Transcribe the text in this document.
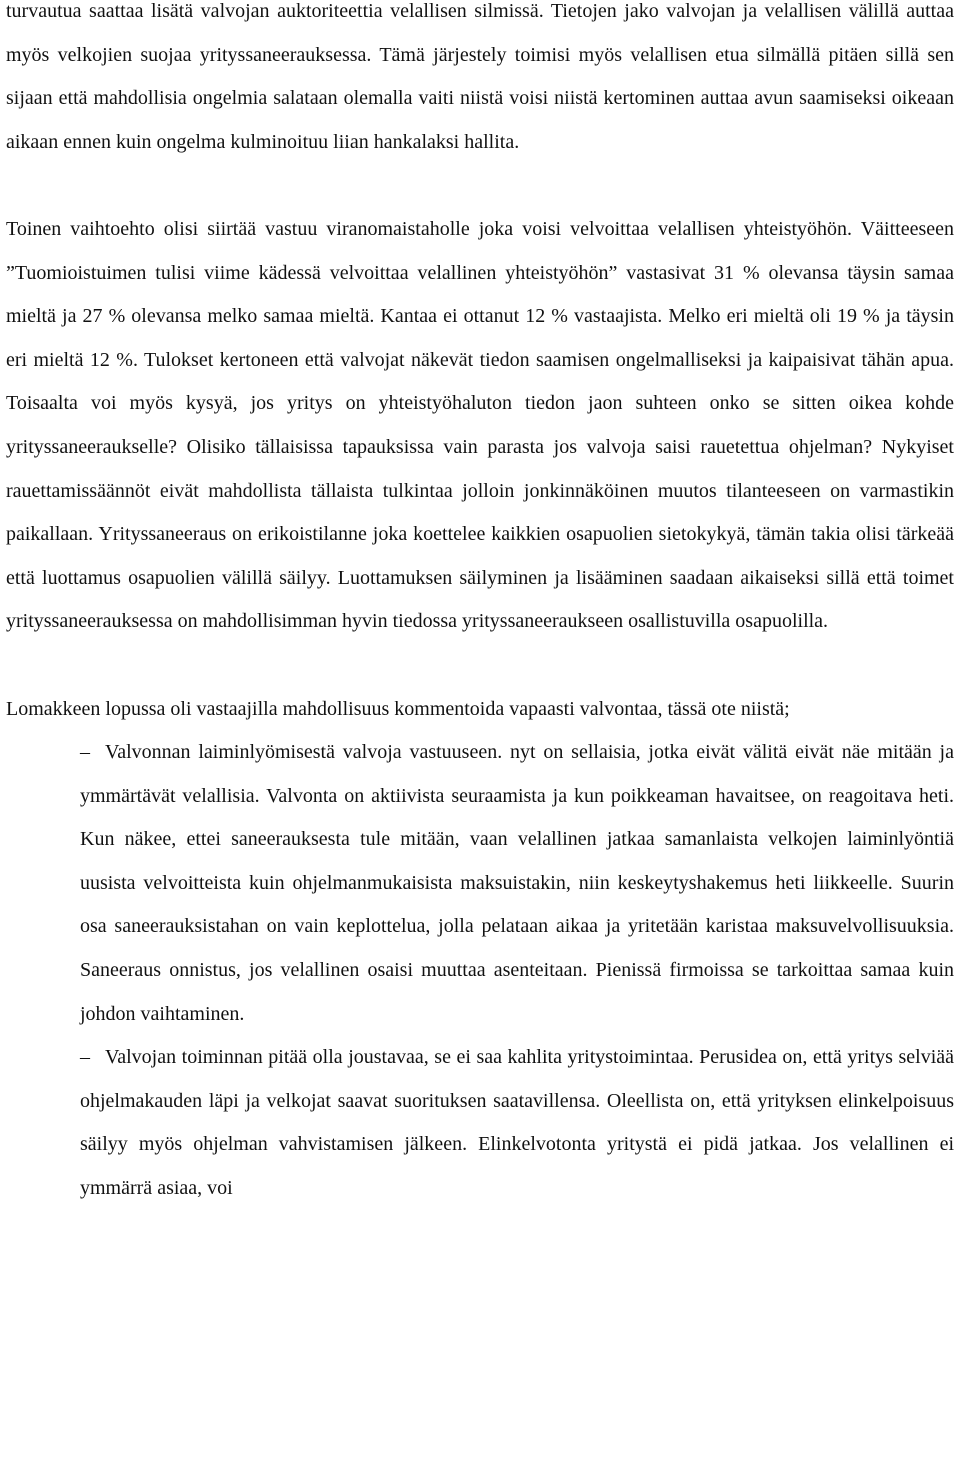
turvautua saattaa lisätä valvojan auktoriteettia velallisen silmissä. Tietojen jako valvojan ja velallisen välillä auttaa myös velkojien suojaa yrityssaneerauksessa. Tämä järjestely toimisi myös velallisen etua silmällä pitäen sillä sen sijaan että mahdollisia ongelmia salataan olemalla vaiti niistä voisi niistä kertominen auttaa avun saamiseksi oikeaan aikaan ennen kuin ongelma kulminoituu liian hankalaksi hallita.

Toinen vaihtoehto olisi siirtää vastuu viranomaistaholle joka voisi velvoittaa velallisen yhteistyöhön. Väitteeseen ”Tuomioistuimen tulisi viime kädessä velvoittaa velallinen yhteistyöhön” vastasivat 31 % olevansa täysin samaa mieltä ja 27 % olevansa melko samaa mieltä. Kantaa ei ottanut 12 % vastaajista. Melko eri mieltä oli 19 % ja täysin eri mieltä 12 %. Tulokset kertoneen että valvojat näkevät tiedon saamisen ongelmalliseksi ja kaipaisivat tähän apua. Toisaalta voi myös kysyä, jos yritys on yhteistyöhaluton tiedon jaon suhteen onko se sitten oikea kohde yrityssaneeraukselle? Olisiko tällaisissa tapauksissa vain parasta jos valvoja saisi rauetettua ohjelman? Nykyiset rauettamissäännöt eivät mahdollista tällaista tulkintaa jolloin jonkinnäköinen muutos tilanteeseen on varmastikin paikallaan. Yrityssaneeraus on erikoistilanne joka koettelee kaikkien osapuolien sietokykyä, tämän takia olisi tärkeää että luottamus osapuolien välillä säilyy. Luottamuksen säilyminen ja lisääminen saadaan aikaiseksi sillä että toimet yrityssaneerauksessa on mahdollisimman hyvin tiedossa yrityssaneeraukseen osallistuvilla osapuolilla.

Lomakkeen lopussa oli vastaajilla mahdollisuus kommentoida vapaasti valvontaa, tässä ote niistä;

– Valvonnan laiminlyömisestä valvoja vastuuseen. nyt on sellaisia, jotka eivät välitä eivät näe mitään ja ymmärtävät velallisia. Valvonta on aktiivista seuraamista ja kun poikkeaman havaitsee, on reagoitava heti. Kun näkee, ettei saneerauksesta tule mitään, vaan velallinen jatkaa samanlaista velkojen laiminlyöntiä uusista velvoitteista kuin ohjelmanmukaisista maksuistakin, niin keskeytyshakemus heti liikkeelle. Suurin osa saneerauksistahan on vain keplottelua, jolla pelataan aikaa ja yritetään karistaa maksuvelvollisuuksia. Saneeraus onnistus, jos velallinen osaisi muuttaa asenteitaan. Pienissä firmoissa se tarkoittaa samaa kuin johdon vaihtaminen.

– Valvojan toiminnan pitää olla joustavaa, se ei saa kahlita yritystoimintaa. Perusidea on, että yritys selviää ohjelmakauden läpi ja velkojat saavat suorituksen saatavillensa. Oleellista on, että yrityksen elinkelpoisuus säilyy myös ohjelman vahvistamisen jälkeen. Elinkelvotonta yritystä ei pidä jatkaa. Jos velallinen ei ymmärrä asiaa, voi
